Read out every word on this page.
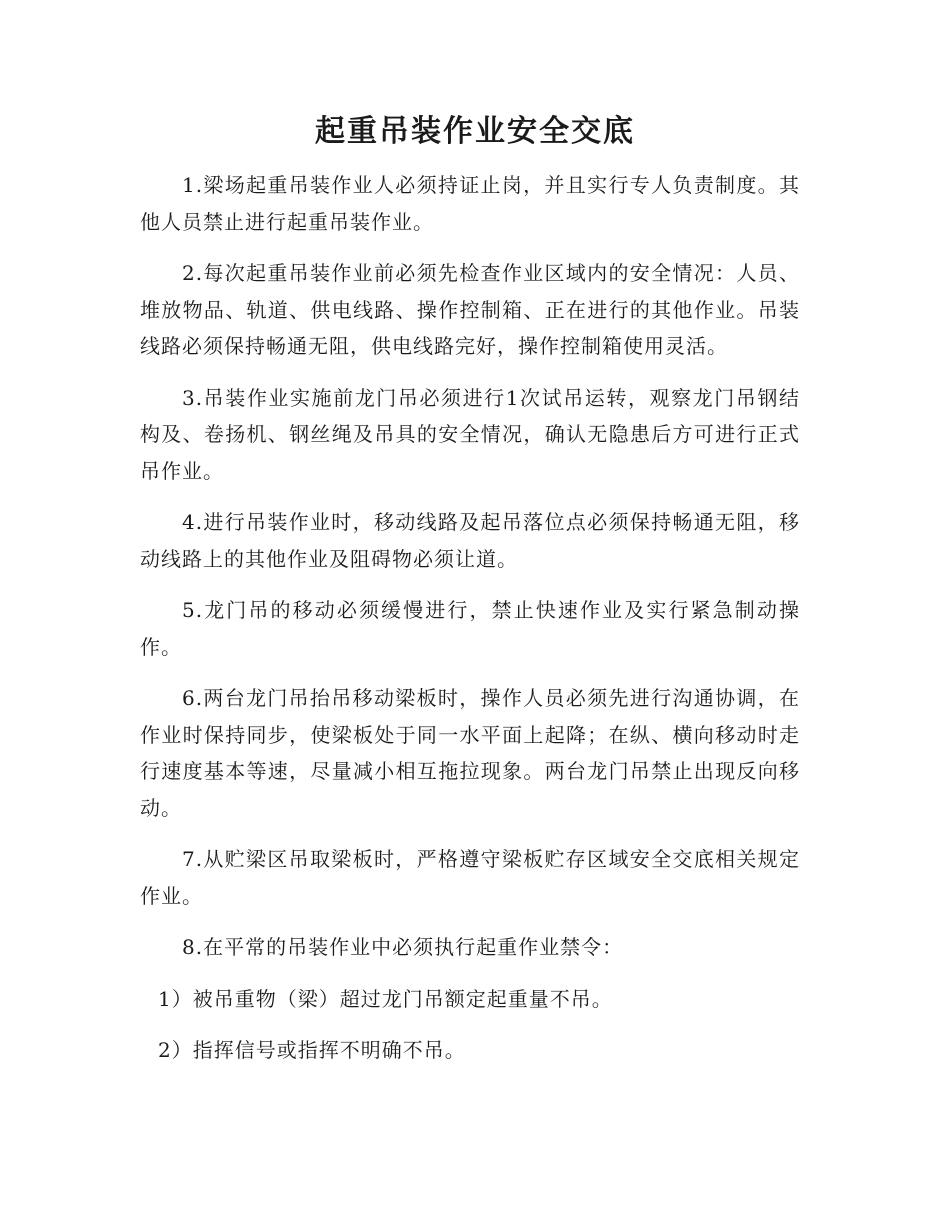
起重吊装作业安全交底

1.梁场起重吊装作业人必须持证止岗，并且实行专人负责制度。其他人员禁止进行起重吊装作业。

2.每次起重吊装作业前必须先检查作业区域内的安全情况：人员、堆放物品、轨道、供电线路、操作控制箱、正在进行的其他作业。吊装线路必须保持畅通无阻，供电线路完好，操作控制箱使用灵活。

3.吊装作业实施前龙门吊必须进行1次试吊运转，观察龙门吊钢结构及、卷扬机、钢丝绳及吊具的安全情况，确认无隐患后方可进行正式吊作业。

4.进行吊装作业时，移动线路及起吊落位点必须保持畅通无阻，移动线路上的其他作业及阻碍物必须让道。

5.龙门吊的移动必须缓慢进行，禁止快速作业及实行紧急制动操作。

6.两台龙门吊抬吊移动梁板时，操作人员必须先进行沟通协调，在作业时保持同步，使梁板处于同一水平面上起降；在纵、横向移动时走行速度基本等速，尽量减小相互拖拉现象。两台龙门吊禁止出现反向移动。

7.从贮梁区吊取梁板时，严格遵守梁板贮存区域安全交底相关规定作业。

8.在平常的吊装作业中必须执行起重作业禁令：

1）被吊重物（梁）超过龙门吊额定起重量不吊。

2）指挥信号或指挥不明确不吊。
